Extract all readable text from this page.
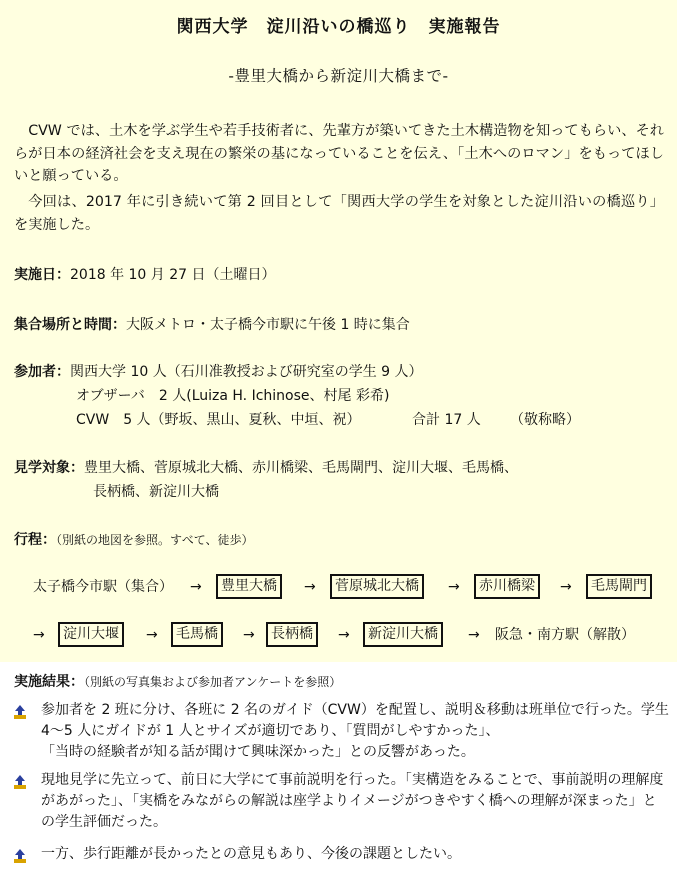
関西大学　淀川沿いの橋巡り　実施報告
-豊里大橋から新淀川大橋まで-
CVW では、土木を学ぶ学生や若手技術者に、先輩方が築いてきた土木構造物を知ってもらい、それらが日本の経済社会を支え現在の繁栄の基になっていることを伝え、「土木へのロマン」をもってほしいと願っている。
今回は、2017 年に引き続いて第 2 回目として「関西大学の学生を対象とした淀川沿いの橋巡り」を実施した。
実施日：2018 年 10 月 27 日（土曜日）
集合場所と時間：大阪メトロ・太子橋今市駅に午後 1 時に集合
参加者：関西大学 10 人（石川准教授および研究室の学生 9 人）
オブザーバ　2 人(Luiza H. Ichinose、村尾 彩希)
CVW　5 人（野坂、黒山、夏秋、中垣、祝）	合計 17 人 （敬称略）
見学対象：豊里大橋、菅原城北大橋、赤川橋梁、毛馬閘門、淀川大堰、毛馬橋、
長柄橋、新淀川大橋
行程：（別紙の地図を参照。すべて、徒歩）
太子橋今市駅（集合） →	豊里大橋	→	菅原城北大橋	→	赤川橋梁	→	毛馬閘門
→	淀川大堰	→	毛馬橋	→	長柄橋	→	新淀川大橋	→ 阪急・南方駅（解散）
実施結果：（別紙の写真集および参加者アンケートを参照）
参加者を 2 班に分け、各班に 2 名のガイド（CVW）を配置し、説明＆移動は班単位で行った。学生 4～5 人にガイドが 1 人とサイズが適切であり、「質問がしやすかった」、
「当時の経験者が知る話が聞けて興味深かった」との反響があった。
現地見学に先立って、前日に大学にて事前説明を行った。「実構造をみることで、事前説明の理解度があがった」、「実橋をみながらの解説は座学よりイメージがつきやすく橋への理解が深まった」との学生評価だった。
一方、歩行距離が長かったとの意見もあり、今後の課題としたい。
